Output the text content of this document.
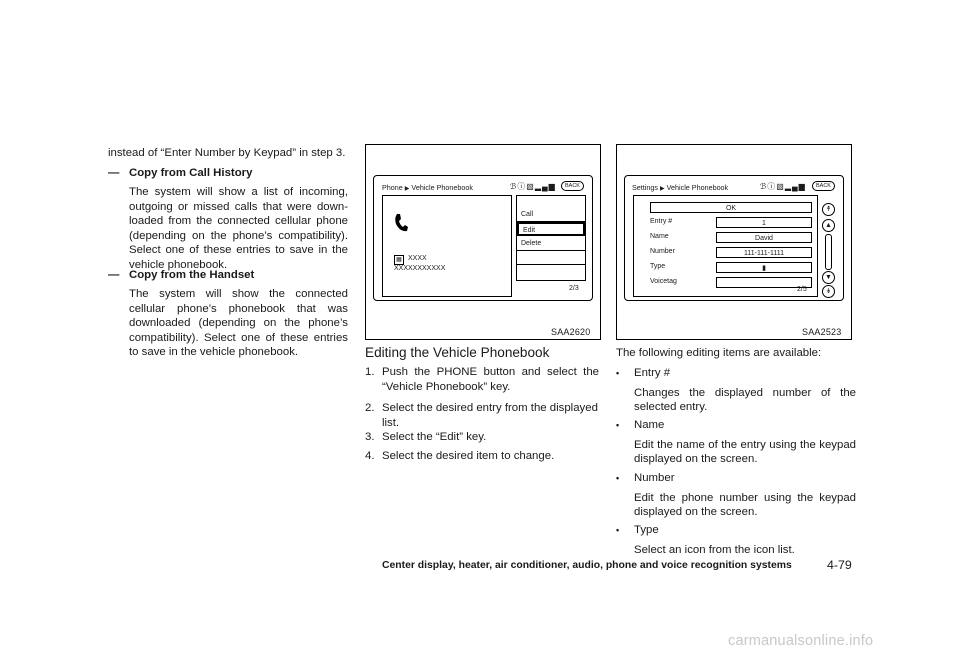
instead of “Enter Number by Keypad” in step 3.
— Copy from Call History
The system will show a list of incoming, outgoing or missed calls that were down-loaded from the connected cellular phone (depending on the phone’s compatibility). Select one of these entries to save in the vehicle phonebook.
— Copy from the Handset
The system will show the connected cellular phone’s phonebook that was downloaded (depending on the phone’s compatibility). Select one of these entries to save in the vehicle phonebook.
Phone ▶ Vehicle Phonebook	ℬⓘ▧▂▄▆	BACK
▦ XXXX
XXXXXXXXXXX
Call
Edit
Delete
2/3
SAA2620
Settings ▶ Vehicle Phonebook	ℬⓘ▧▂▄▆	BACK
OK
Entry #	1
Name	David
Number	111-111-1111
Type	▮
Voicetag
↟
▲
▼
↡
2/5
SAA2523
Editing the Vehicle Phonebook
1. Push the PHONE button and select the “Vehicle Phonebook” key.
2. Select the desired entry from the displayed list.
3. Select the “Edit” key.
4. Select the desired item to change.
The following editing items are available:
• Entry #
Changes the displayed number of the selected entry.
• Name
Edit the name of the entry using the keypad displayed on the screen.
• Number
Edit the phone number using the keypad displayed on the screen.
• Type
Select an icon from the icon list.
Center display, heater, air conditioner, audio, phone and voice recognition systems	4-79
carmanualsonline.info
